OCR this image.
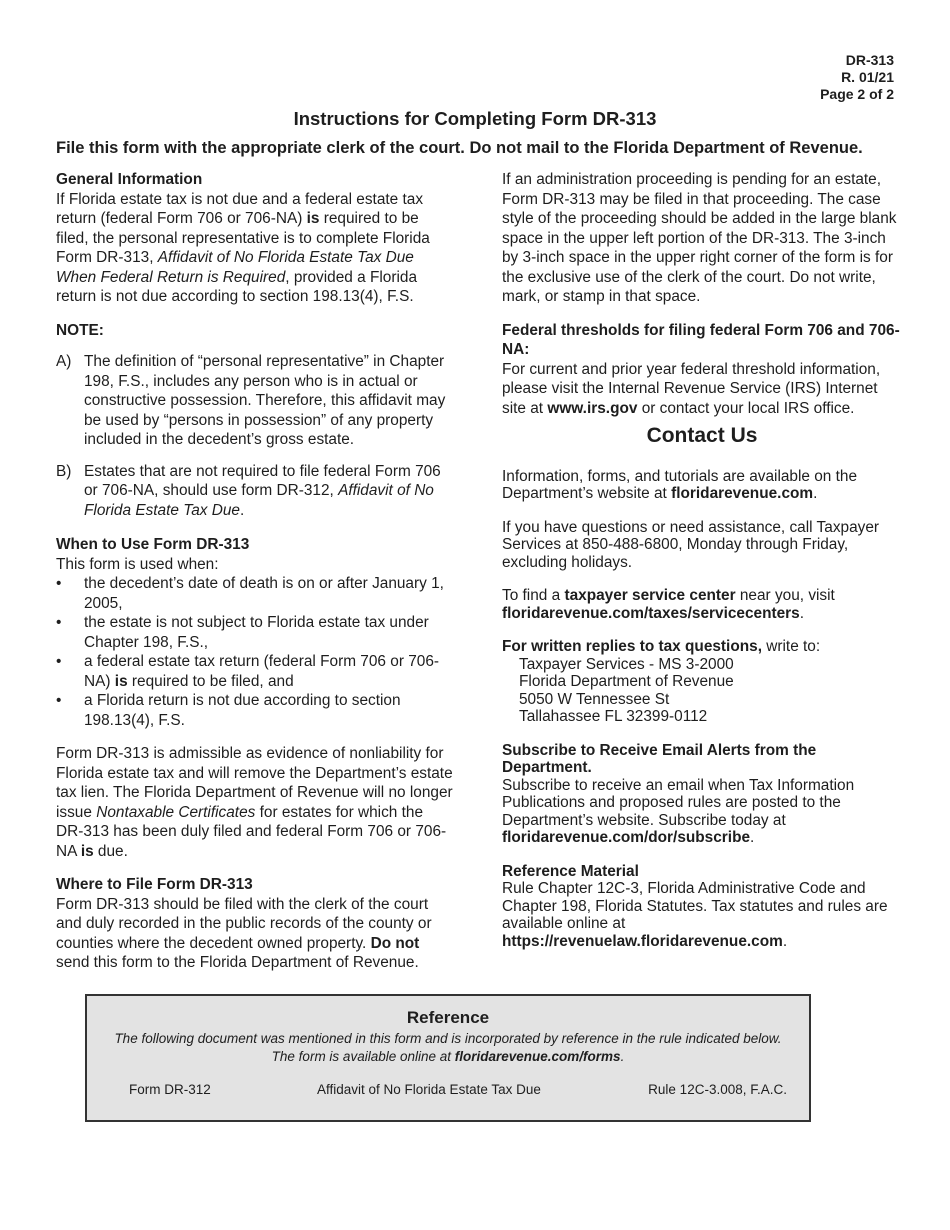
DR-313
R. 01/21
Page 2 of 2
Instructions for Completing Form DR-313
File this form with the appropriate clerk of the court. Do not mail to the Florida Department of Revenue.
General Information

If Florida estate tax is not due and a federal estate tax return (federal Form 706 or 706-NA) is required to be filed, the personal representative is to complete Florida Form DR-313, Affidavit of No Florida Estate Tax Due When Federal Return is Required, provided a Florida return is not due according to section 198.13(4), F.S.

NOTE:
A) The definition of “personal representative” in Chapter 198, F.S., includes any person who is in actual or constructive possession. Therefore, this affidavit may be used by “persons in possession” of any property included in the decedent’s gross estate.
B) Estates that are not required to file federal Form 706 or 706-NA, should use form DR-312, Affidavit of No Florida Estate Tax Due.
When to Use Form DR-313
This form is used when:
•	the decedent’s date of death is on or after January 1, 2005,
•	the estate is not subject to Florida estate tax under Chapter 198, F.S.,
•	a federal estate tax return (federal Form 706 or 706-NA) is required to be filed, and
•	a Florida return is not due according to section 198.13(4), F.S.

Form DR-313 is admissible as evidence of nonliability for Florida estate tax and will remove the Department’s estate tax lien. The Florida Department of Revenue will no longer issue Nontaxable Certificates for estates for which the DR-313 has been duly filed and federal Form 706 or 706-NA is due.

Where to File Form DR-313
Form DR-313 should be filed with the clerk of the court and duly recorded in the public records of the county or counties where the decedent owned property. Do not send this form to the Florida Department of Revenue.

If an administration proceeding is pending for an estate, Form DR-313 may be filed in that proceeding. The case style of the proceeding should be added in the large blank space in the upper left portion of the DR-313. The 3-inch by 3-inch space in the upper right corner of the form is for the exclusive use of the clerk of the court. Do not write, mark, or stamp in that space.

Federal thresholds for filing federal Form 706 and 706-NA:
For current and prior year federal threshold information, please visit the Internal Revenue Service (IRS) Internet site at www.irs.gov or contact your local IRS office.
Contact Us

Information, forms, and tutorials are available on the Department’s website at floridarevenue.com.

If you have questions or need assistance, call Taxpayer Services at 850-488-6800, Monday through Friday, excluding holidays.

To find a taxpayer service center near you, visit floridarevenue.com/taxes/servicecenters.

For written replies to tax questions, write to:
Taxpayer Services - MS 3-2000
Florida Department of Revenue
5050 W Tennessee St
Tallahassee FL 32399-0112

Subscribe to Receive Email Alerts from the Department.
Subscribe to receive an email when Tax Information Publications and proposed rules are posted to the Department’s website. Subscribe today at floridarevenue.com/dor/subscribe.

Reference Material
Rule Chapter 12C-3, Florida Administrative Code and Chapter 198, Florida Statutes. Tax statutes and rules are available online at https://revenuelaw.floridarevenue.com.

Reference
The following document was mentioned in this form and is incorporated by reference in the rule indicated below.
The form is available online at floridarevenue.com/forms.
Form DR-312	Affidavit of No Florida Estate Tax Due	Rule 12C-3.008, F.A.C.
